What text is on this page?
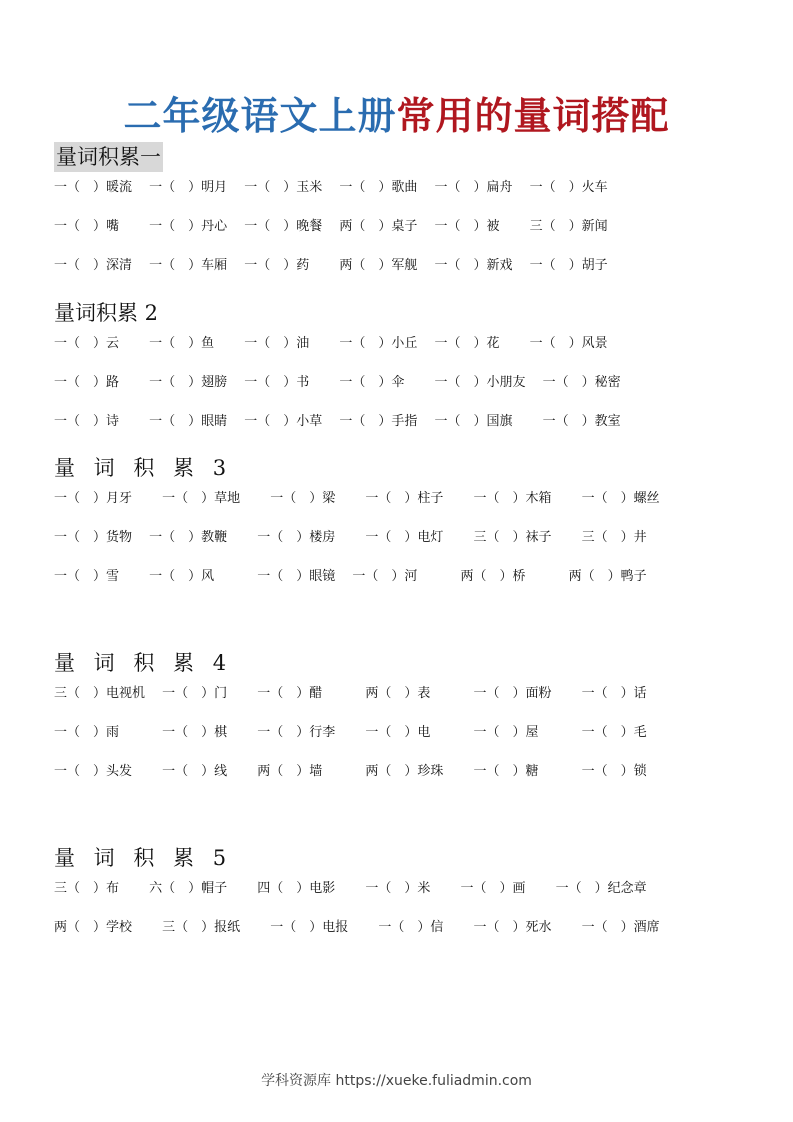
二年级语文上册常用的量词搭配
量词积累一
一（　）暖流　 一（　）明月　 一（　）玉米　 一（　）歌曲　 一（　）扁舟　 一（　）火车
一（　）嘴　　 一（　）丹心　 一（　）晚餐　 两（　）桌子　 一（　）被　　 三（　）新闻
一（　）深清　 一（　）车厢　 一（　）药　　 两（　）军舰　 一（　）新戏　 一（　）胡子
量词积累 2
一（　）云　　 一（　）鱼　　 一（　）油　　 一（　）小丘　 一（　）花　　 一（　）风景
一（　）路　　 一（　）翅膀　 一（　）书　　 一（　）伞　　 一（　）小朋友　 一（　）秘密
一（　）诗　　 一（　）眼睛　 一（　）小草　 一（　）手指　 一（　）国旗　　 一（　）教室
量 词 积 累 3
一（　）月牙　　 一（　）草地　　 一（　）梁　　 一（　）柱子　　 一（　）木箱　　 一（　）螺丝
一（　）货物　 一（　）教鞭　　 一（　）楼房　　 一（　）电灯　　 三（　）袜子　　 三（　）井
一（　）雪　　 一（　）风　　　 一（　）眼镜　 一（　）河　　　 两（　）桥　　　 两（　）鸭子
量 词 积 累 4
三（　）电视机　 一（　）门　　 一（　）醋　　　 两（　）表　　　 一（　）面粉　　 一（　）话
一（　）雨　　　 一（　）棋　　 一（　）行李　　 一（　）电　　　 一（　）屋　　　 一（　）毛
一（　）头发　　 一（　）线　　 两（　）墙　　　 两（　）珍珠　　 一（　）糖　　　 一（　）锁
量 词 积 累 5
三（　）布　　 六（　）帽子　　 四（　）电影　　 一（　）米　　 一（　）画　　 一（　）纪念章
两（　）学校　　 三（　）报纸　　 一（　）电报　　 一（　）信　　 一（　）死水　　 一（　）酒席
学科资源库 https://xueke.fuliadmin.com
